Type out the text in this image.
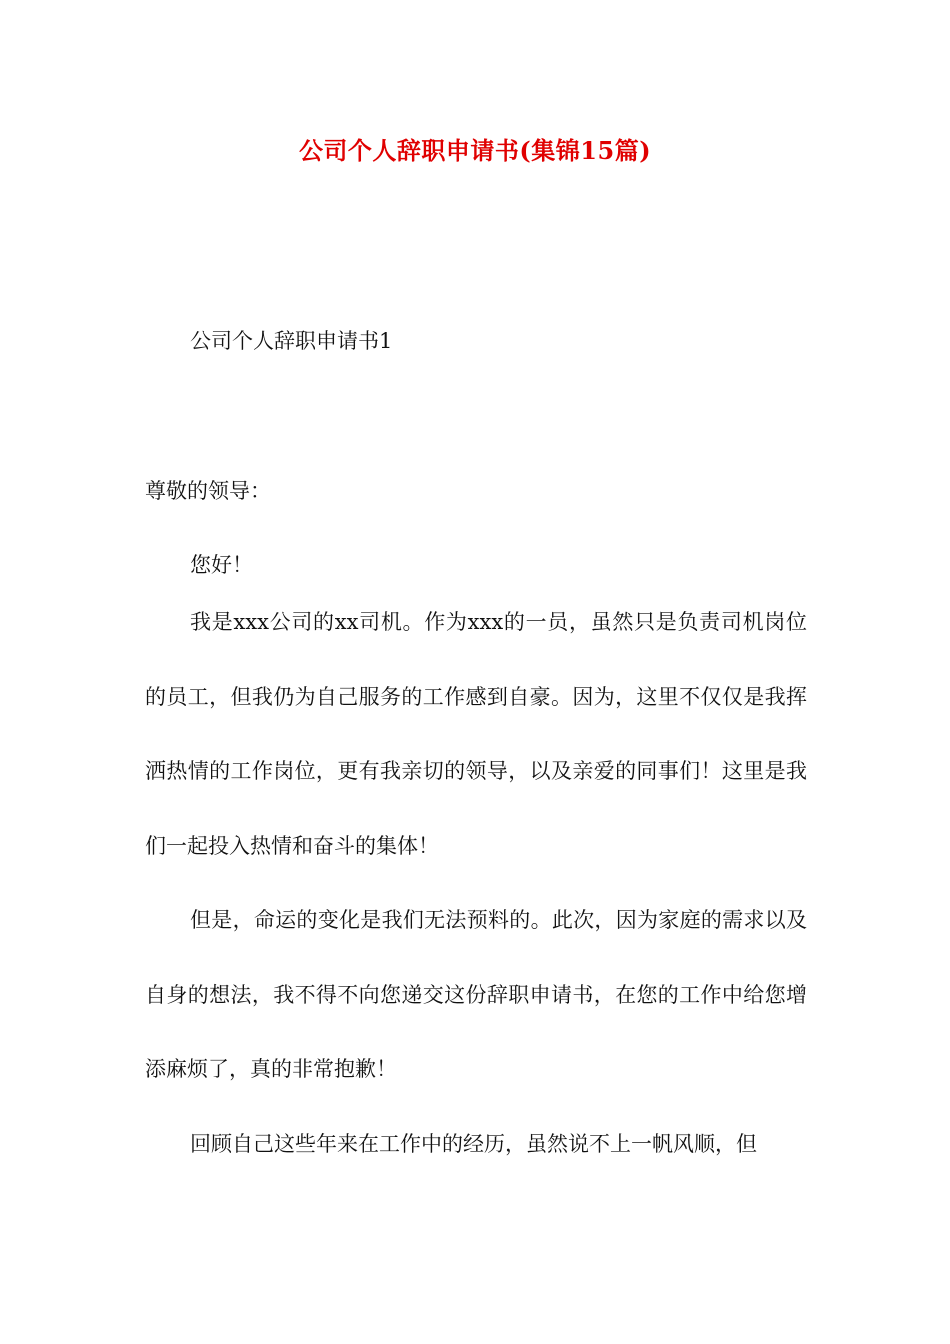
公司个人辞职申请书(集锦15篇)
公司个人辞职申请书1
尊敬的领导：
您好！

我是xxx公司的xx司机。作为xxx的一员，虽然只是负责司机岗位的员工，但我仍为自己服务的工作感到自豪。因为，这里不仅仅是我挥洒热情的工作岗位，更有我亲切的领导，以及亲爱的同事们！这里是我们一起投入热情和奋斗的集体！

但是，命运的变化是我们无法预料的。此次，因为家庭的需求以及自身的想法，我不得不向您递交这份辞职申请书，在您的工作中给您增添麻烦了，真的非常抱歉！

回顾自己这些年来在工作中的经历，虽然说不上一帆风顺，但
